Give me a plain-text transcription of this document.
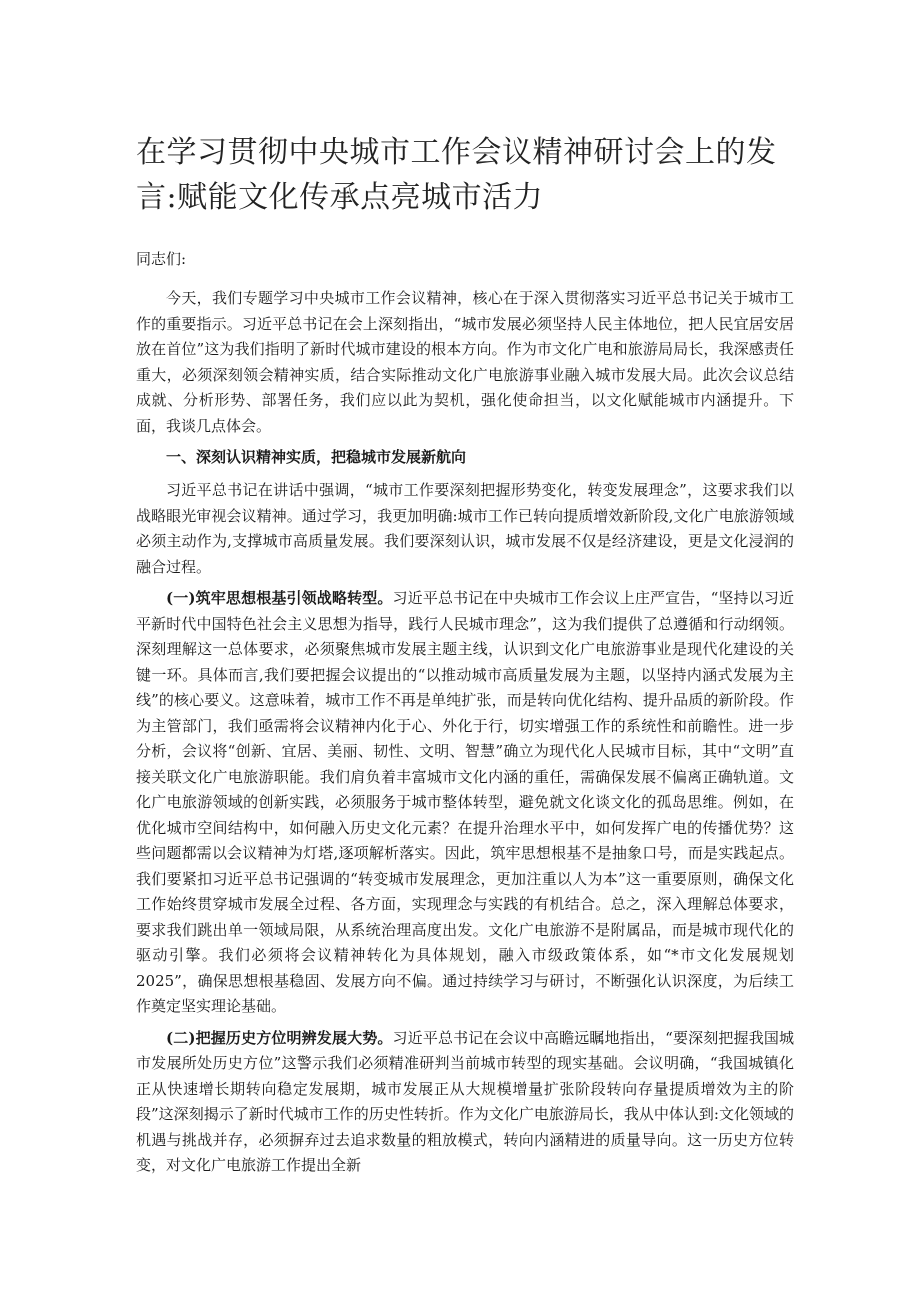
在学习贯彻中央城市工作会议精神研讨会上的发言:赋能文化传承点亮城市活力
同志们:

今天，我们专题学习中央城市工作会议精神，核心在于深入贯彻落实习近平总书记关于城市工作的重要指示。习近平总书记在会上深刻指出，“城市发展必须坚持人民主体地位，把人民宜居安居放在首位”这为我们指明了新时代城市建设的根本方向。作为市文化广电和旅游局局长，我深感责任重大，必须深刻领会精神实质，结合实际推动文化广电旅游事业融入城市发展大局。此次会议总结成就、分析形势、部署任务，我们应以此为契机，强化使命担当，以文化赋能城市内涵提升。下面，我谈几点体会。

一、深刻认识精神实质，把稳城市发展新航向

习近平总书记在讲话中强调，“城市工作要深刻把握形势变化，转变发展理念”，这要求我们以战略眼光审视会议精神。通过学习，我更加明确:城市工作已转向提质增效新阶段,文化广电旅游领域必须主动作为,支撑城市高质量发展。我们要深刻认识，城市发展不仅是经济建设，更是文化浸润的融合过程。

(一)筑牢思想根基引领战略转型。习近平总书记在中央城市工作会议上庄严宣告，“坚持以习近平新时代中国特色社会主义思想为指导，践行人民城市理念”，这为我们提供了总遵循和行动纲领。深刻理解这一总体要求，必须聚焦城市发展主题主线，认识到文化广电旅游事业是现代化建设的关键一环。具体而言,我们要把握会议提出的“以推动城市高质量发展为主题，以坚持内涵式发展为主线”的核心要义。这意味着，城市工作不再是单纯扩张，而是转向优化结构、提升品质的新阶段。作为主管部门，我们亟需将会议精神内化于心、外化于行，切实增强工作的系统性和前瞻性。进一步分析，会议将“创新、宜居、美丽、韧性、文明、智慧”确立为现代化人民城市目标，其中“文明”直接关联文化广电旅游职能。我们肩负着丰富城市文化内涵的重任，需确保发展不偏离正确轨道。文化广电旅游领域的创新实践，必须服务于城市整体转型，避免就文化谈文化的孤岛思维。例如，在优化城市空间结构中，如何融入历史文化元素？在提升治理水平中，如何发挥广电的传播优势？这些问题都需以会议精神为灯塔,逐项解析落实。因此，筑牢思想根基不是抽象口号，而是实践起点。我们要紧扣习近平总书记强调的“转变城市发展理念，更加注重以人为本”这一重要原则，确保文化工作始终贯穿城市发展全过程、各方面，实现理念与实践的有机结合。总之，深入理解总体要求，要求我们跳出单一领域局限，从系统治理高度出发。文化广电旅游不是附属品，而是城市现代化的驱动引擎。我们必须将会议精神转化为具体规划，融入市级政策体系，如“*市文化发展规划2025”，确保思想根基稳固、发展方向不偏。通过持续学习与研讨，不断强化认识深度，为后续工作奠定坚实理论基础。

(二)把握历史方位明辨发展大势。习近平总书记在会议中高瞻远瞩地指出，“要深刻把握我国城市发展所处历史方位”这警示我们必须精准研判当前城市转型的现实基础。会议明确，“我国城镇化正从快速增长期转向稳定发展期，城市发展正从大规模增量扩张阶段转向存量提质增效为主的阶段”这深刻揭示了新时代城市工作的历史性转折。作为文化广电旅游局长，我从中体认到:文化领域的机遇与挑战并存，必须摒弃过去追求数量的粗放模式，转向内涵精进的质量导向。这一历史方位转变，对文化广电旅游工作提出全新
